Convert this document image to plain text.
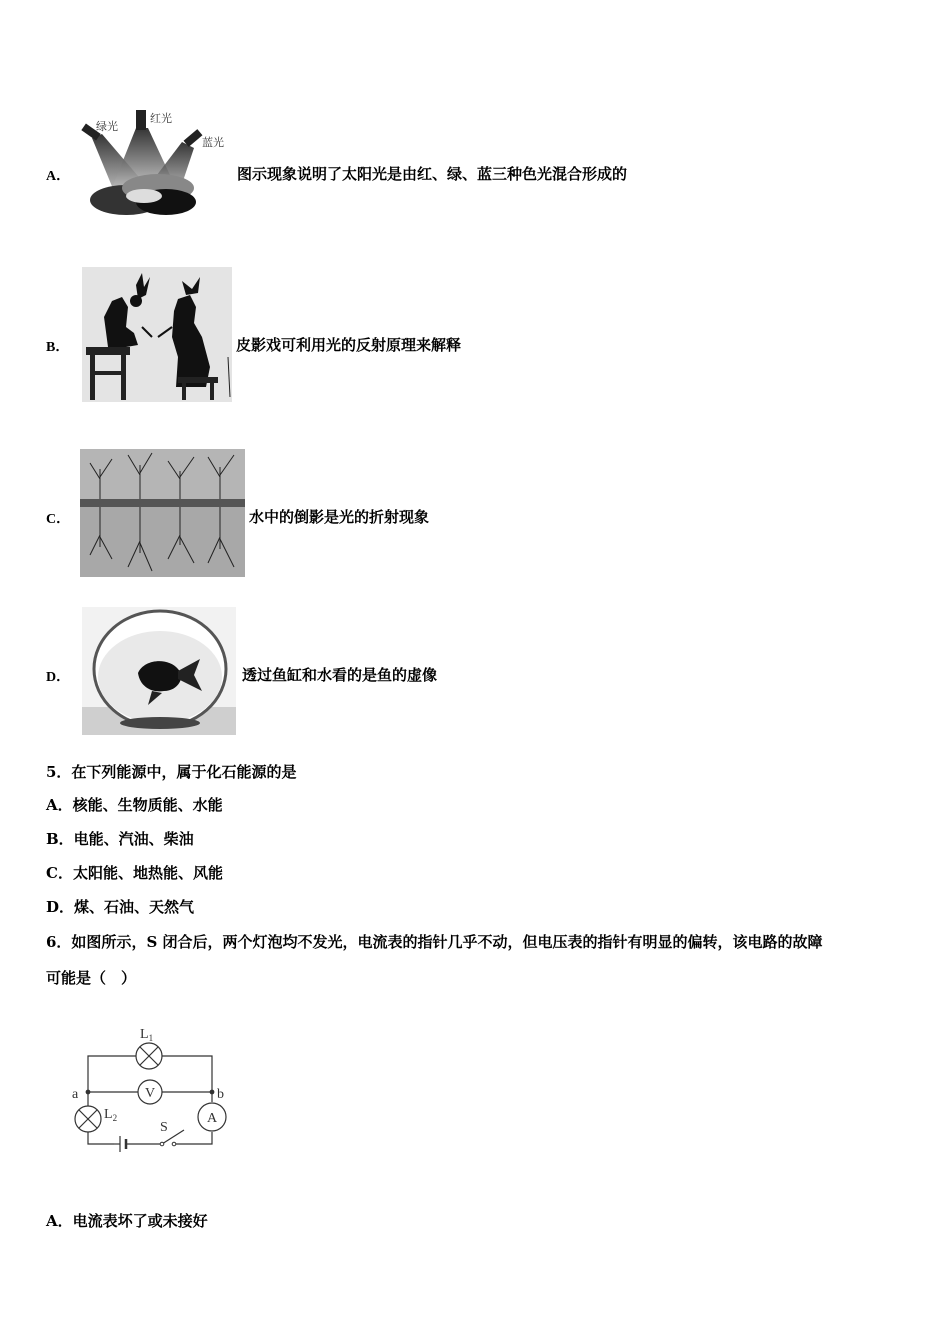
A．
绿光
红光
蓝光
图示现象说明了太阳光是由红、绿、蓝三种色光混合形成的
B．	皮影戏可利用光的反射原理来解释
C．	水中的倒影是光的折射现象
D．	透过鱼缸和水看的是鱼的虚像
5．在下列能源中，属于化石能源的是
A．核能、生物质能、水能
B．电能、汽油、柴油
C．太阳能、地热能、风能
D．煤、石油、天然气
6．如图所示，S 闭合后，两个灯泡均不发光，电流表的指针几乎不动，但电压表的指针有明显的偏转，该电路的故障
可能是（　）
V
A
$L_1$
$L_2$
a	b
S
A．电流表坏了或未接好
